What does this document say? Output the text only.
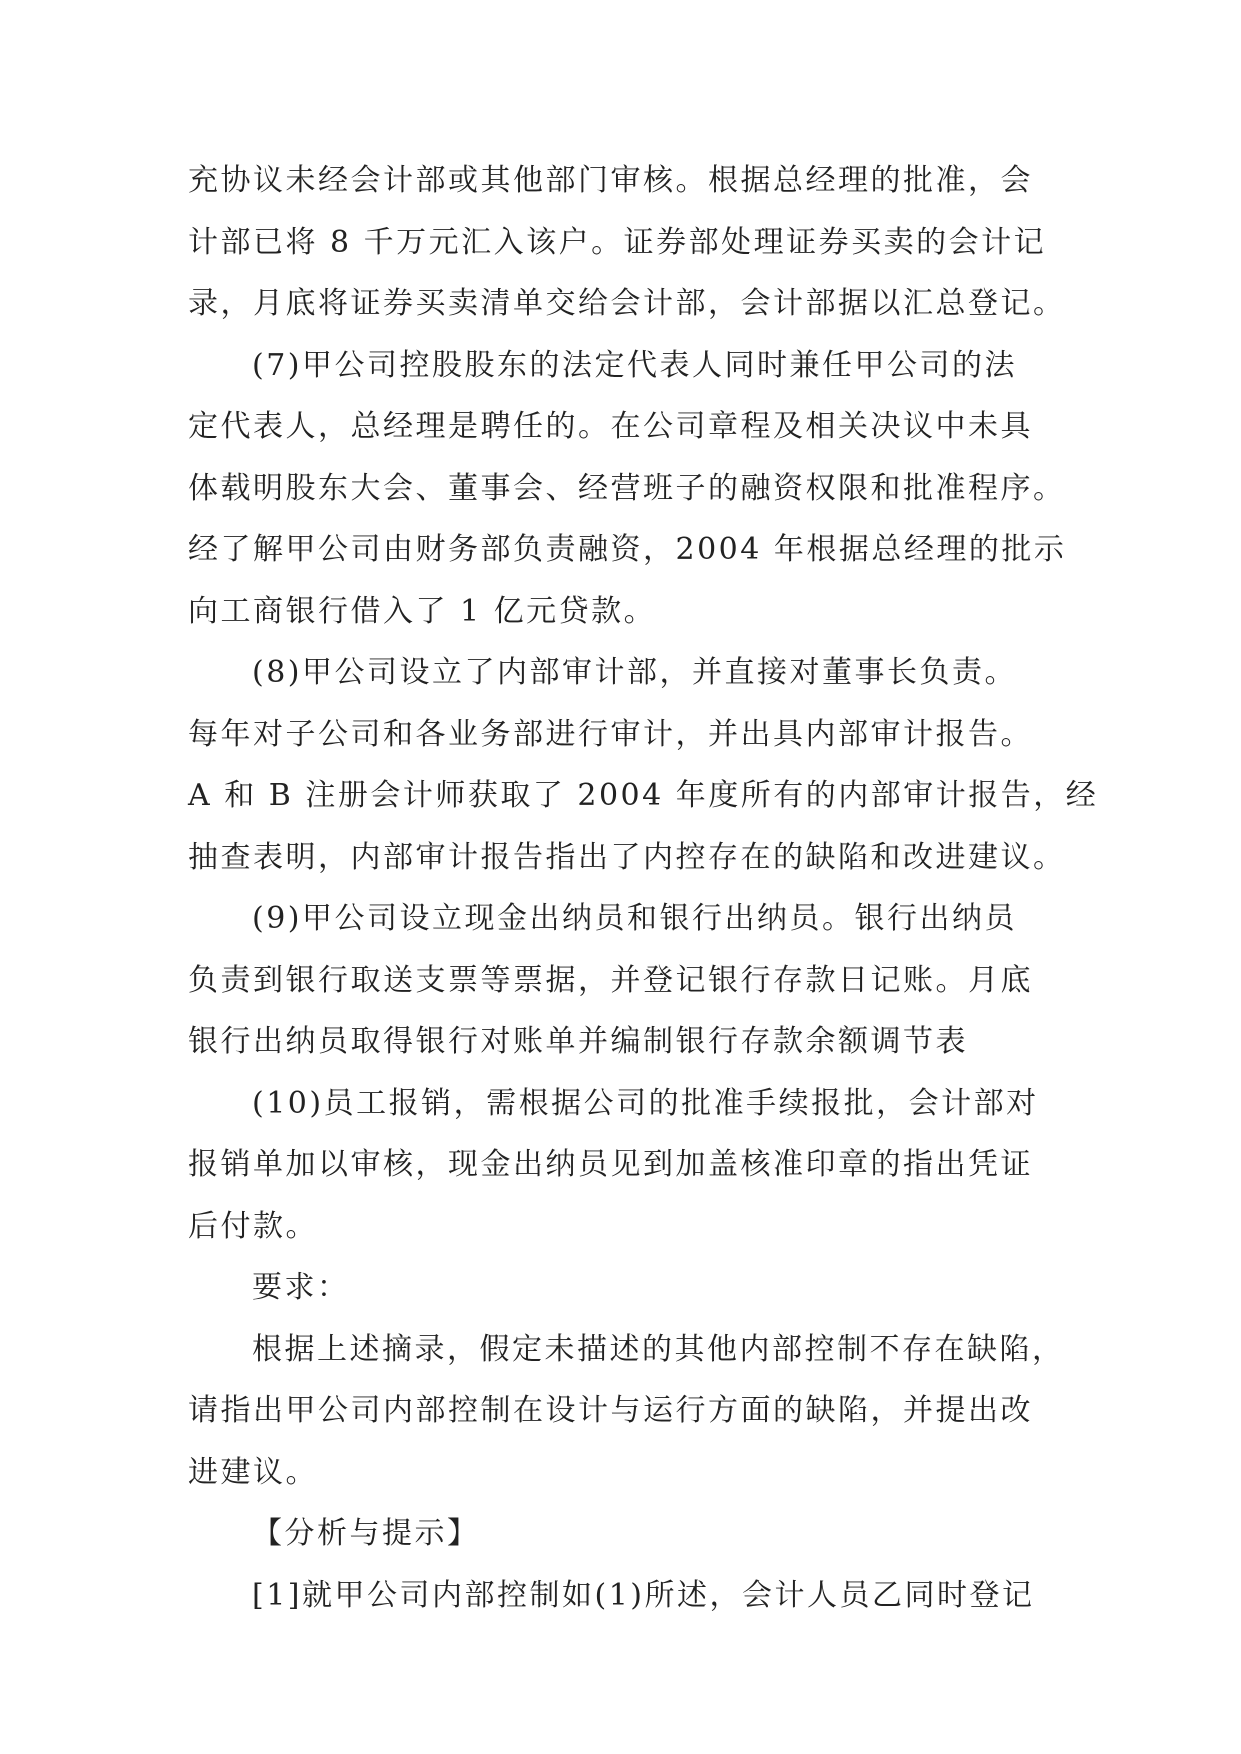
充协议未经会计部或其他部门审核。根据总经理的批准，会
计部已将 8 千万元汇入该户。证券部处理证券买卖的会计记
录，月底将证券买卖清单交给会计部，会计部据以汇总登记。
(7)甲公司控股股东的法定代表人同时兼任甲公司的法
定代表人，总经理是聘任的。在公司章程及相关决议中未具
体载明股东大会、董事会、经营班子的融资权限和批准程序。
经了解甲公司由财务部负责融资，2004 年根据总经理的批示
向工商银行借入了 1 亿元贷款。
(8)甲公司设立了内部审计部，并直接对董事长负责。
每年对子公司和各业务部进行审计，并出具内部审计报告。
A 和 B 注册会计师获取了 2004 年度所有的内部审计报告，经
抽查表明，内部审计报告指出了内控存在的缺陷和改进建议。
(9)甲公司设立现金出纳员和银行出纳员。银行出纳员
负责到银行取送支票等票据，并登记银行存款日记账。月底
银行出纳员取得银行对账单并编制银行存款余额调节表
(10)员工报销，需根据公司的批准手续报批，会计部对
报销单加以审核，现金出纳员见到加盖核准印章的指出凭证
后付款。
要求：
根据上述摘录，假定未描述的其他内部控制不存在缺陷，
请指出甲公司内部控制在设计与运行方面的缺陷，并提出改
进建议。
【分析与提示】
[1]就甲公司内部控制如(1)所述，会计人员乙同时登记
